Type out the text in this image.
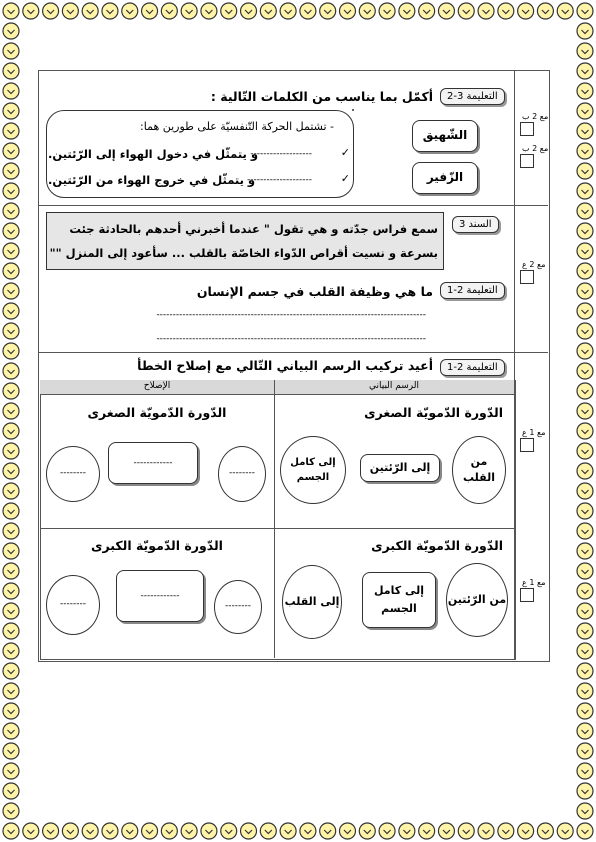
التعليمة 3-2
أكمّل بما يناسب من الكلمات التّالية :
الشّهيق
الزّفير
- تشتمل الحركة التّنفسيّة على طورين هما:
✓
-------------------
و يتمثّل في دخول الهواء إلى الرّئتين.
✓
--------------------
و يتمثّل في خروج الهواء من الرّئتين.
السند 3
سمع فراس جدّته و هي تقول " عندما أخبرني أحدهم بالحادثة جئت
بسرعة و نسيت أقراص الدّواء الخاصّة بالقلب ... سأعود إلى المنزل ""
التعليمة 2-1
ما هي وظيفة القلب في جسم الإنسان
-----------------------------------------------------------------------------------
-----------------------------------------------------------------------------------
التعليمة 2-1
أعيد تركيب الرسم البياني التّالي مع إصلاح الخطأ
الرسم البياني
الإصلاح
الدّورة الدّمويّة الصغرى
من القلب
إلى الرّئتين
إلى كامل الجسم
الدّورة الدّمويّة الصغرى
--------
------------
--------
الدّورة الدّمويّة الكبرى
من الرّئتين
إلى كامل الجسم
إلى القلب
الدّورة الدّمويّة الكبرى
--------
------------
--------
مع 2 ب
مع 2 ب
مع 2 ع
مع 1 ع
مع 1 ع
